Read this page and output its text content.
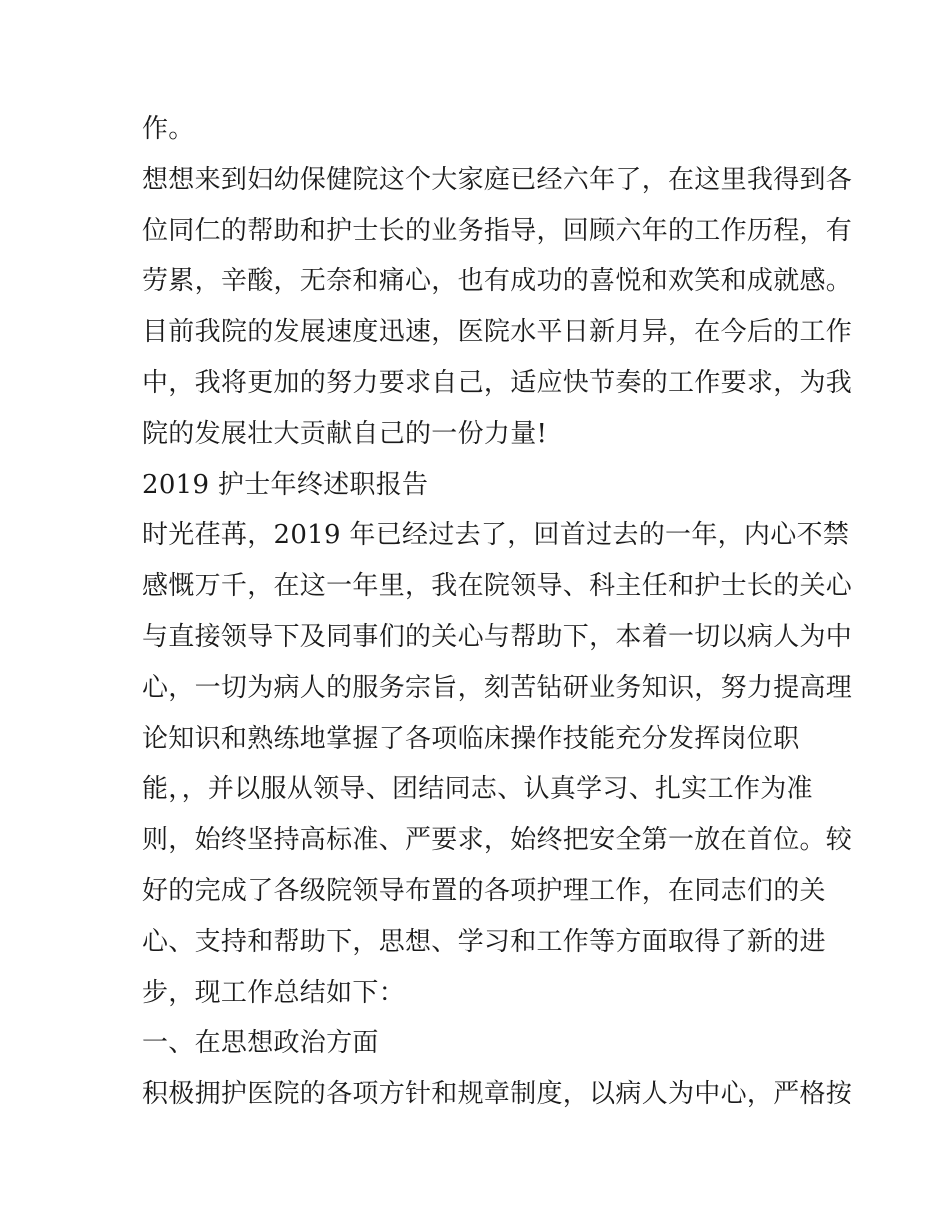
作。
想想来到妇幼保健院这个大家庭已经六年了，在这里我得到各
位同仁的帮助和护士长的业务指导，回顾六年的工作历程，有
劳累，辛酸，无奈和痛心，也有成功的喜悦和欢笑和成就感。
目前我院的发展速度迅速，医院水平日新月异，在今后的工作
中，我将更加的努力要求自己，适应快节奏的工作要求，为我
院的发展壮大贡献自己的一份力量!
2019 护士年终述职报告
时光荏苒，2019 年已经过去了，回首过去的一年，内心不禁
感慨万千，在这一年里，我在院领导、科主任和护士长的关心
与直接领导下及同事们的关心与帮助下，本着一切以病人为中
心，一切为病人的服务宗旨，刻苦钻研业务知识，努力提高理
论知识和熟练地掌握了各项临床操作技能充分发挥岗位职
能，，并以服从领导、团结同志、认真学习、扎实工作为准
则，始终坚持高标准、严要求，始终把安全第一放在首位。较
好的完成了各级院领导布置的各项护理工作，在同志们的关
心、支持和帮助下，思想、学习和工作等方面取得了新的进
步，现工作总结如下：
一、在思想政治方面
积极拥护医院的各项方针和规章制度，以病人为中心，严格按
